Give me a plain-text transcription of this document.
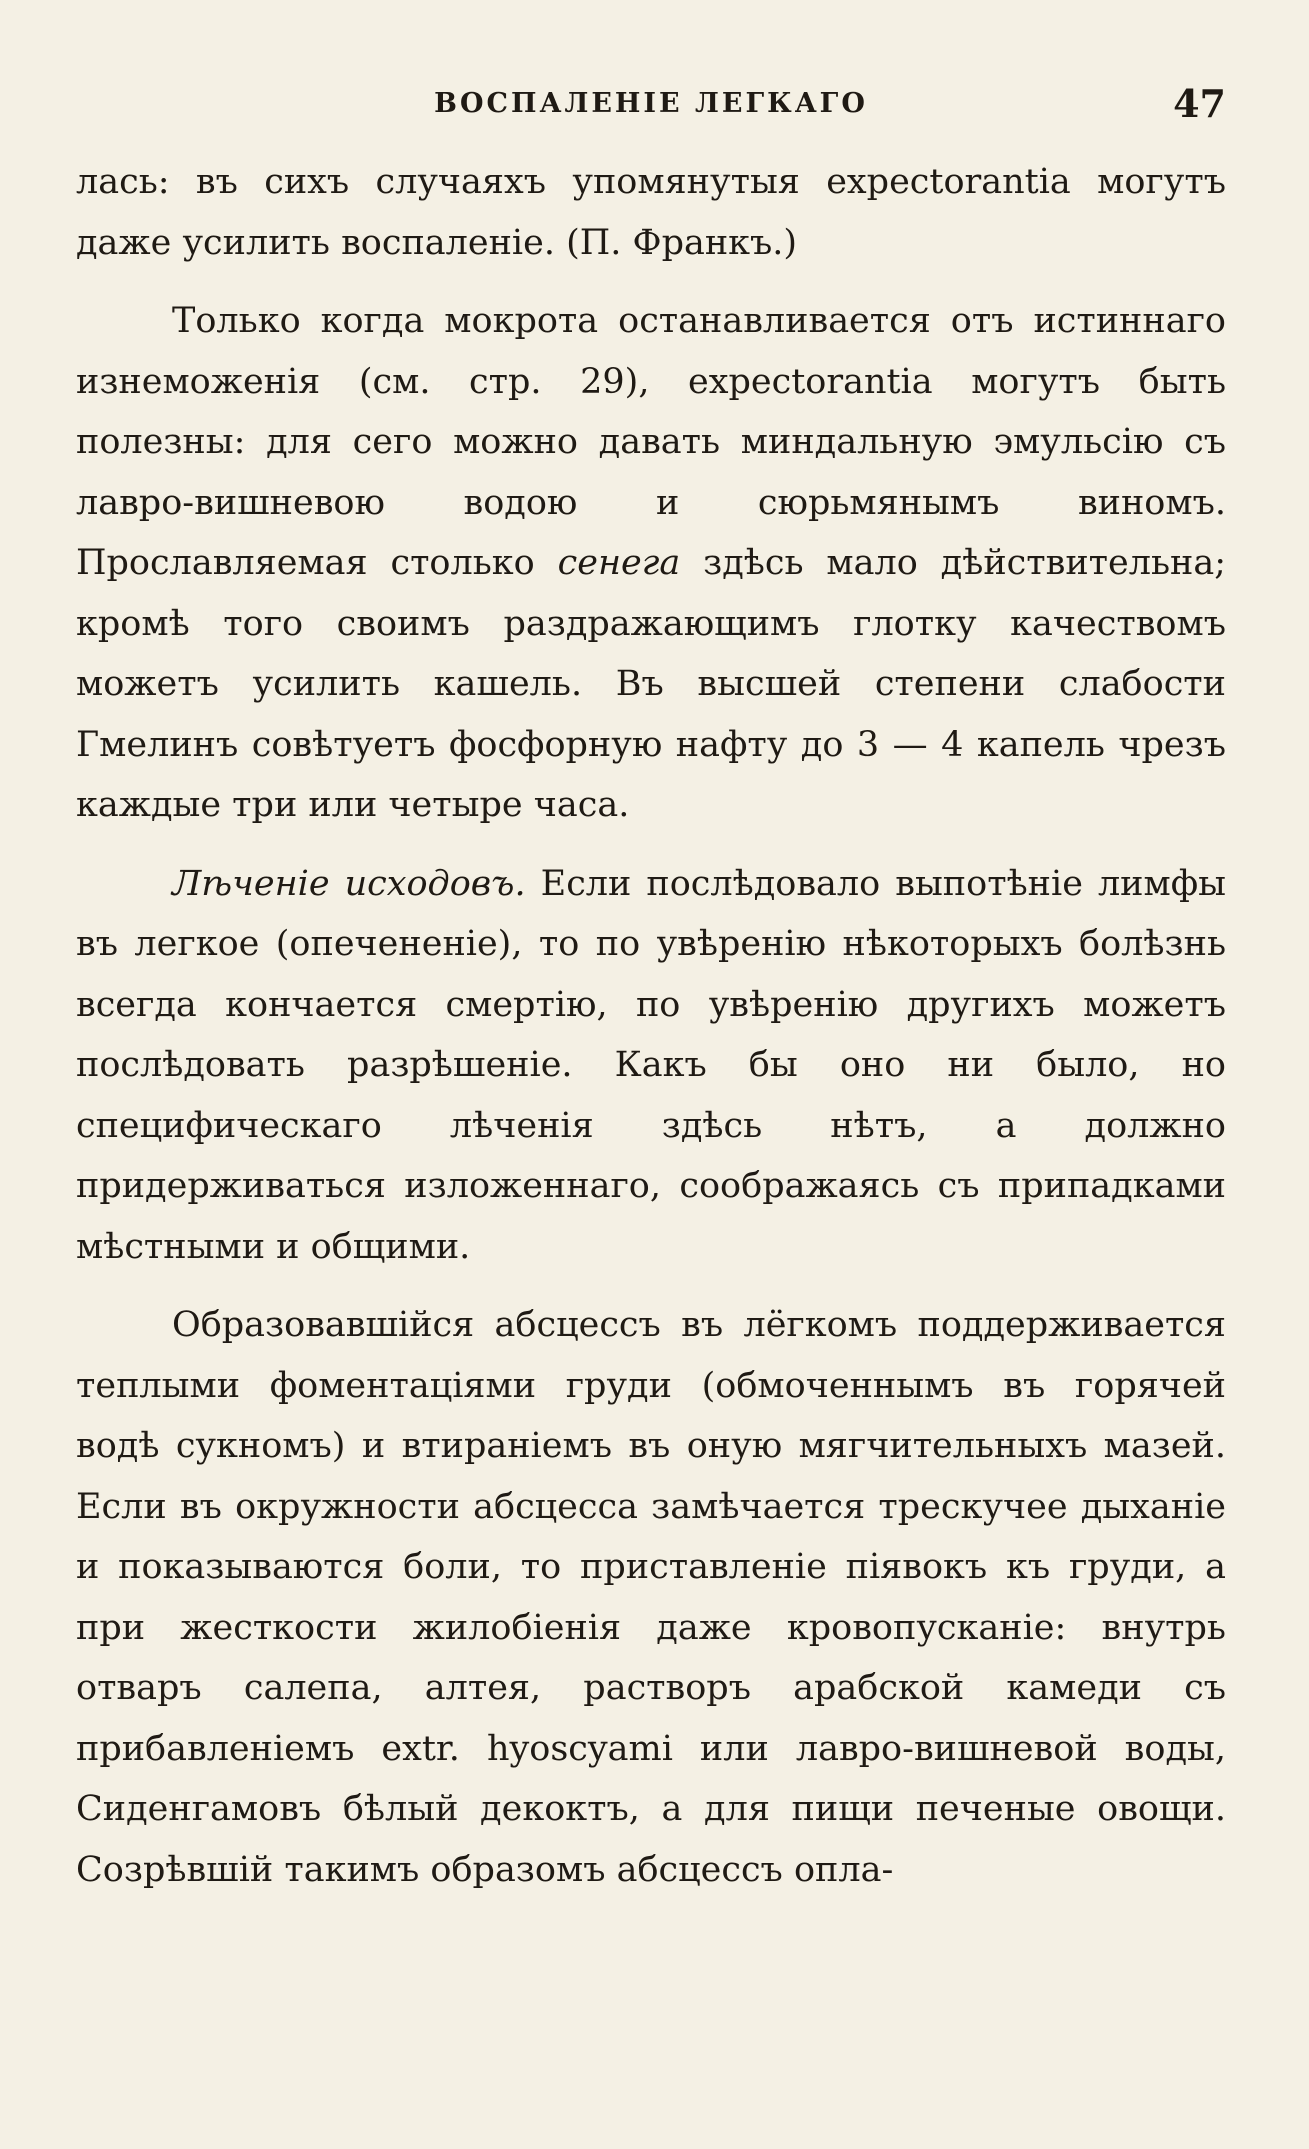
ВОСПАЛЕНІЕ ЛЕГКАГО	47

лась: въ сихъ случаяхъ упомянутыя expectorantia могутъ даже усилить воспаленіе. (П. Франкъ.)

Только когда мокрота останавливается отъ истиннаго изнеможенія (см. стр. 29), expectorantia могутъ быть полезны: для сего можно давать миндальную эмульсію съ лавро-вишневою водою и сюрьмянымъ виномъ. Прославляемая столько сенега здѣсь мало дѣйствительна; кромѣ того своимъ раздражающимъ глотку качествомъ можетъ усилить кашель. Въ высшей степени слабости Гмелинъ совѣтуетъ фосфорную нафту до 3 — 4 капель чрезъ каждые три или четыре часа.

Лѣченіе исходовъ. Если послѣдовало выпотѣніе лимфы въ легкое (опечененіе), то по увѣренію нѣкоторыхъ болѣзнь всегда кончается смертію, по увѣренію другихъ можетъ послѣдовать разрѣшеніе. Какъ бы оно ни было, но специфическаго лѣченія здѣсь нѣтъ, а должно придерживаться изложеннаго, соображаясь съ припадками мѣстными и общими.

Образовавшійся абсцессъ въ лёгкомъ поддерживается теплыми фоментаціями груди (обмоченнымъ въ горячей водѣ сукномъ) и втираніемъ въ оную мягчительныхъ мазей. Если въ окружности абсцесса замѣчается трескучее дыханіе и показываются боли, то приставленіе піявокъ къ груди, а при жесткости жилобіенія даже кровопусканіе: внутрь отваръ салепа, алтея, растворъ арабской камеди съ прибавленіемъ extr. hyoscyami или лавро-вишневой воды, Сиденгамовъ бѣлый декоктъ, а для пищи печеные овощи. Созрѣвшій такимъ образомъ абсцессъ опла-
